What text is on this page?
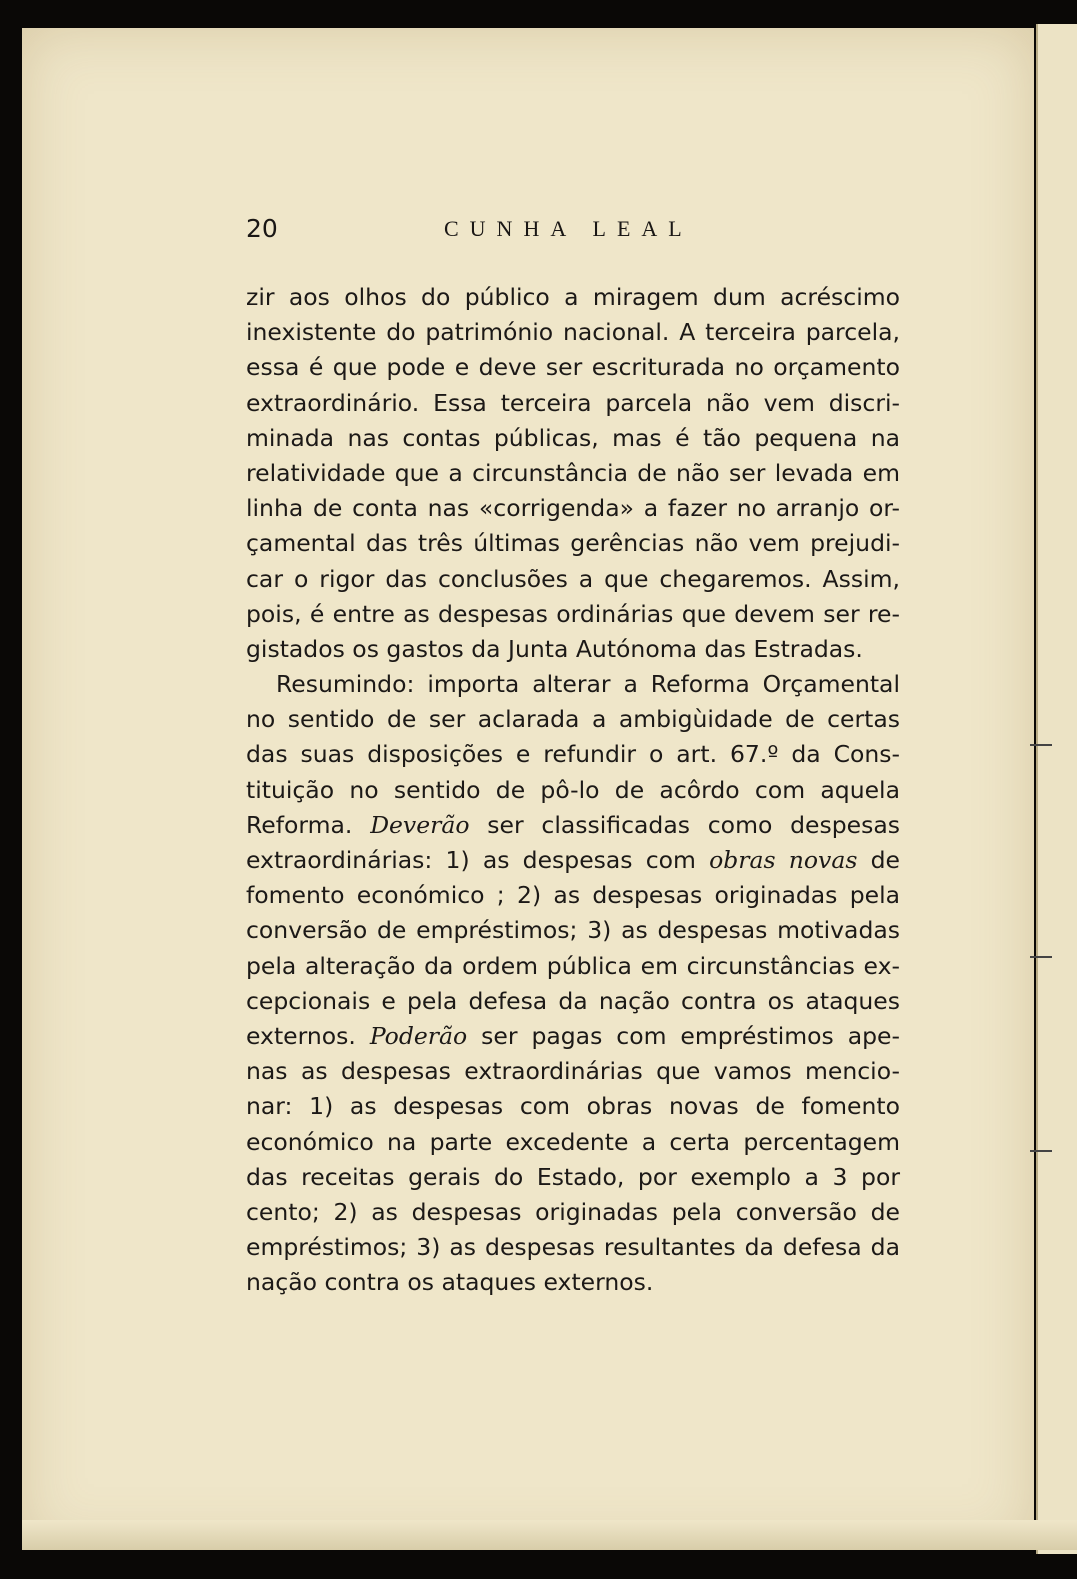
20	CUNHA LEAL
zir aos olhos do público a miragem dum acréscimo
inexistente do património nacional. A terceira parcela,
essa é que pode e deve ser escriturada no orçamento
extraordinário. Essa terceira parcela não vem discri-
minada nas contas públicas, mas é tão pequena na
relatividade que a circunstância de não ser levada em
linha de conta nas «corrigenda» a fazer no arranjo or-
çamental das três últimas gerências não vem prejudi-
car o rigor das conclusões a que chegaremos. Assim,
pois, é entre as despesas ordinárias que devem ser re-
gistados os gastos da Junta Autónoma das Estradas.
Resumindo: importa alterar a Reforma Orçamental
no sentido de ser aclarada a ambigùidade de certas
das suas disposições e refundir o art. 67.º da Cons-
tituição no sentido de pô-lo de acôrdo com aquela
Reforma. Deverão ser classificadas como despesas
extraordinárias: 1) as despesas com obras novas de
fomento económico ; 2) as despesas originadas pela
conversão de empréstimos; 3) as despesas motivadas
pela alteração da ordem pública em circunstâncias ex-
cepcionais e pela defesa da nação contra os ataques
externos. Poderão ser pagas com empréstimos ape-
nas as despesas extraordinárias que vamos mencio-
nar: 1) as despesas com obras novas de fomento
económico na parte excedente a certa percentagem
das receitas gerais do Estado, por exemplo a 3 por
cento; 2) as despesas originadas pela conversão de
empréstimos; 3) as despesas resultantes da defesa da
nação contra os ataques externos.
